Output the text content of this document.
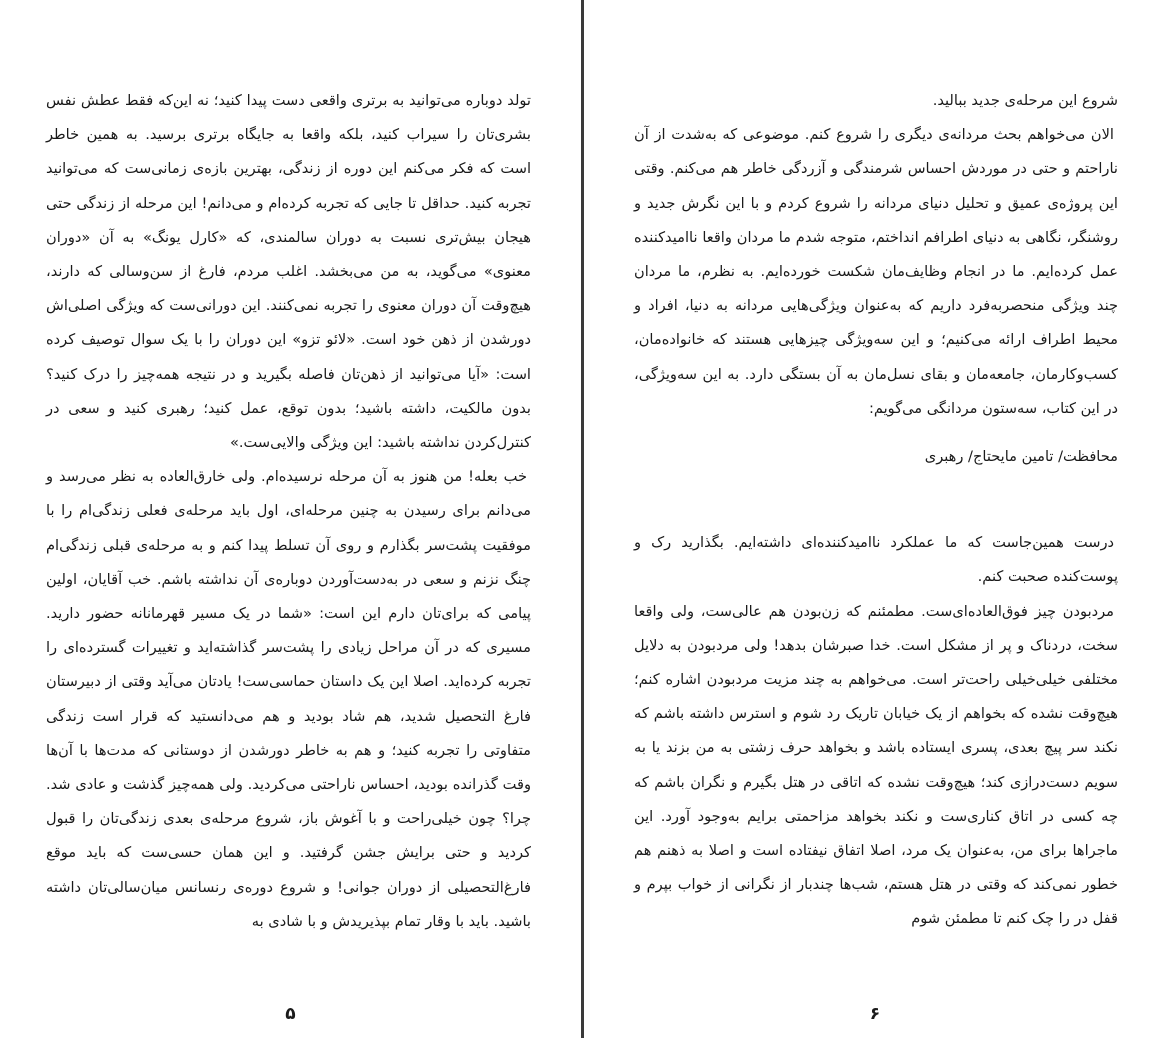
تولد دوباره می‌توانید به برتری واقعی دست پیدا کنید؛ نه این‌که فقط عطش نفس بشری‌تان را سیراب کنید، بلکه واقعا به جایگاه برتری برسید. به همین خاطر است که فکر می‌کنم این دوره از زندگی، بهترین بازه‌ی زمانی‌ست که می‌توانید تجربه کنید. حداقل تا جایی که تجربه کرده‌ام و می‌دانم! این مرحله از زندگی حتی هیجان بیش‌تری نسبت به دوران سالمندی، که «کارل یونگ» به آن «دوران معنوی» می‌گوید، به من می‌بخشد. اغلب مردم، فارغ از سن‌وسالی که دارند، هیچ‌وقت آن دوران معنوی را تجربه نمی‌کنند. این دورانی‌ست که ویژگی اصلی‌اش دورشدن از ذهن خود است. «لائو تزو» این دوران را با یک سوال توصیف کرده است: «آیا می‌توانید از ذهن‌تان فاصله بگیرید و در نتیجه همه‌چیز را درک کنید؟ بدون مالکیت، داشته باشید؛ بدون توقع، عمل کنید؛ رهبری کنید و سعی در کنترل‌کردن نداشته باشید: این ویژگی والایی‌ست.»

خب بعله! من هنوز به آن مرحله نرسیده‌ام. ولی خارق‌العاده به نظر می‌رسد و می‌دانم برای رسیدن به چنین مرحله‌ای، اول باید مرحله‌ی فعلی زندگی‌ام را با موفقیت پشت‌سر بگذارم و روی آن تسلط پیدا کنم و به مرحله‌ی قبلی زندگی‌ام چنگ نزنم و سعی در به‌دست‌آوردن دوباره‌ی آن نداشته باشم. خب آقایان، اولین پیامی که برای‌تان دارم این است: «شما در یک مسیر قهرمانانه حضور دارید. مسیری که در آن مراحل زیادی را پشت‌سر گذاشته‌اید و تغییرات گسترده‌ای را تجربه کرده‌اید. اصلا این یک داستان حماسی‌ست! یادتان می‌آید وقتی از دبیرستان فارغ التحصیل شدید، هم شاد بودید و هم می‌دانستید که قرار است زندگی متفاوتی را تجربه کنید؛ و هم به خاطر دورشدن از دوستانی که مدت‌ها با آن‌ها وقت گذرانده بودید، احساس ناراحتی می‌کردید. ولی همه‌چیز گذشت و عادی شد. چرا؟ چون خیلی‌راحت و با آغوش باز، شروع مرحله‌ی بعدی زندگی‌تان را قبول کردید و حتی برایش جشن گرفتید. و این همان حسی‌ست که باید موقع فارغ‌التحصیلی از دوران جوانی! و شروع دوره‌ی رنسانس میان‌سالی‌تان داشته باشید. باید با وقار تمام بپذیریدش و با شادی به

۵

شروع این مرحله‌ی جدید ببالید.

الان می‌خواهم بحث مردانه‌ی دیگری را شروع کنم. موضوعی که به‌شدت از آن ناراحتم و حتی در موردش احساس شرمندگی و آزردگی خاطر هم می‌کنم. وقتی این پروژه‌ی عمیق و تحلیل دنیای مردانه را شروع کردم و با این نگرش جدید و روشنگر، نگاهی به دنیای اطرافم انداختم، متوجه شدم ما مردان واقعا ناامیدکننده عمل کرده‌ایم. ما در انجام وظایف‌مان شکست خورده‌ایم. به نظرم، ما مردان چند ویژگی منحصربه‌فرد داریم که به‌عنوان ویژگی‌هایی مردانه به دنیا، افراد و محیط اطراف ارائه می‌کنیم؛ و این سه‌ویژگی چیزهایی هستند که خانواده‌مان، کسب‌وکارمان، جامعه‌مان و بقای نسل‌مان به آن بستگی دارد. به این سه‌ویژگی، در این کتاب، سه‌ستون مردانگی می‌گویم:

محافظت/ تامین مایحتاج/ رهبری

درست همین‌جاست که ما عملکرد ناامیدکننده‌ای داشته‌ایم. بگذارید رک و پوست‌کنده صحبت کنم.

مردبودن چیز فوق‌العاده‌ای‌ست. مطمئنم که زن‌بودن هم عالی‌ست، ولی واقعا سخت، دردناک و پر از مشکل است. خدا صبرشان بدهد! ولی مردبودن به دلایل مختلفی خیلی‌خیلی راحت‌تر است. می‌خواهم به چند مزیت مردبودن اشاره کنم؛ هیچ‌وقت نشده که بخواهم از یک خیابان تاریک رد شوم و استرس داشته باشم که نکند سر پیچ بعدی، پسری ایستاده باشد و بخواهد حرف زشتی به من بزند یا به سویم دست‌درازی کند؛ هیچ‌وقت نشده که اتاقی در هتل بگیرم و نگران باشم که چه کسی در اتاق کناری‌ست و نکند بخواهد مزاحمتی برایم به‌وجود آورد. این ماجراها برای من، به‌عنوان یک مرد، اصلا اتفاق نیفتاده است و اصلا به ذهنم هم خطور نمی‌کند که وقتی در هتل هستم، شب‌ها چندبار از نگرانی از خواب بپرم و قفل در را چک کنم تا مطمئن شوم

۶
